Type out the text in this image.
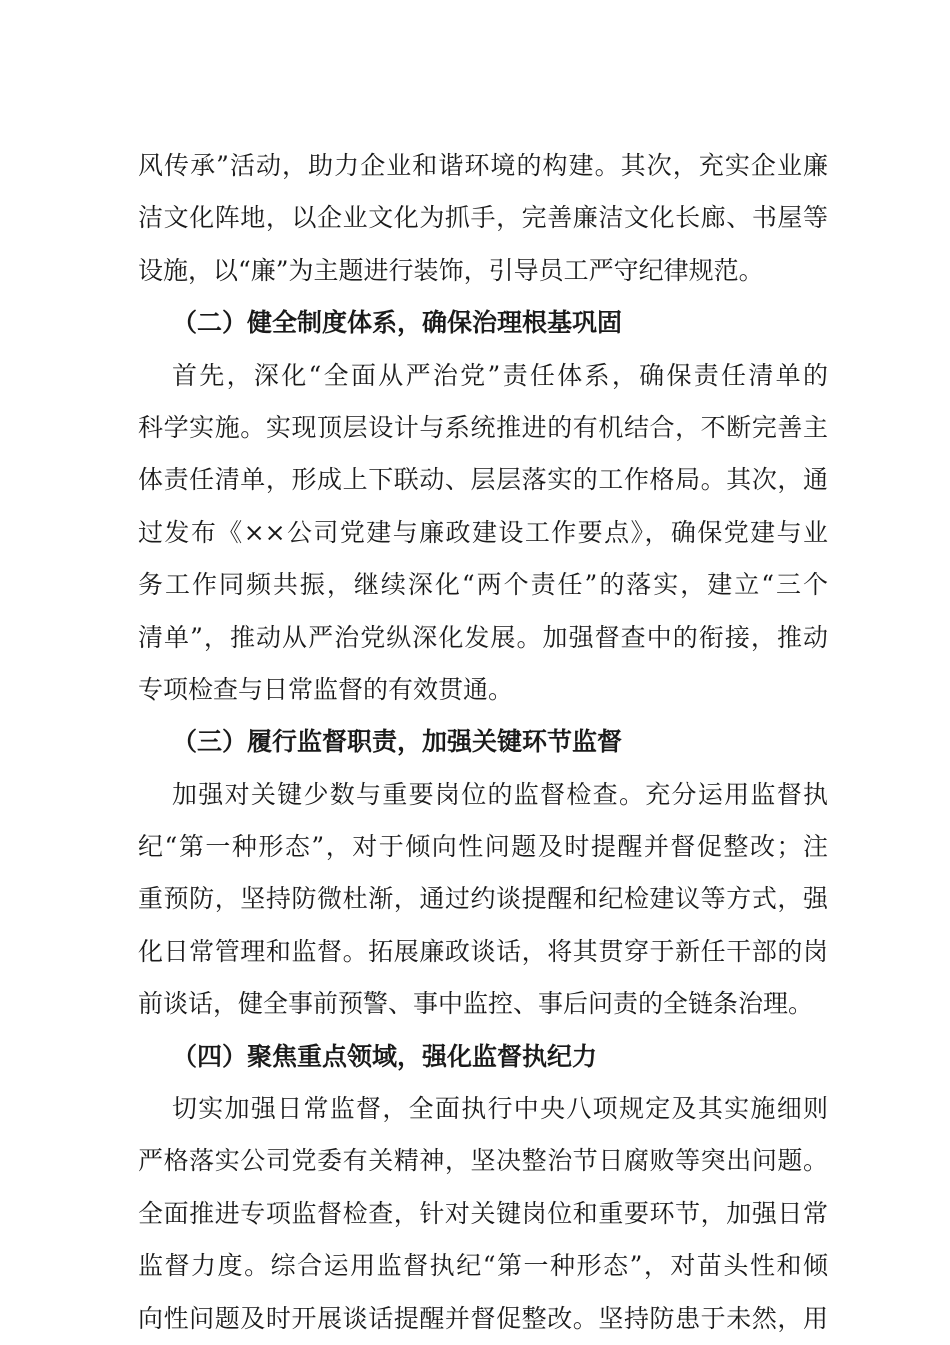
风传承”活动，助力企业和谐环境的构建。其次，充实企业廉
洁文化阵地，以企业文化为抓手，完善廉洁文化长廊、书屋等
设施，以“廉”为主题进行装饰，引导员工严守纪律规范。
（二）健全制度体系，确保治理根基巩固
首先，深化“全面从严治党”责任体系，确保责任清单的
科学实施。实现顶层设计与系统推进的有机结合，不断完善主
体责任清单，形成上下联动、层层落实的工作格局。其次，通
过发布《××公司党建与廉政建设工作要点》，确保党建与业
务工作同频共振，继续深化“两个责任”的落实，建立“三个
清单”，推动从严治党纵深化发展。加强督查中的衔接，推动
专项检查与日常监督的有效贯通。
（三）履行监督职责，加强关键环节监督
加强对关键少数与重要岗位的监督检查。充分运用监督执
纪“第一种形态”，对于倾向性问题及时提醒并督促整改；注
重预防，坚持防微杜渐，通过约谈提醒和纪检建议等方式，强
化日常管理和监督。拓展廉政谈话，将其贯穿于新任干部的岗
前谈话，健全事前预警、事中监控、事后问责的全链条治理。
（四）聚焦重点领域，强化监督执纪力
切实加强日常监督，全面执行中央八项规定及其实施细则
严格落实公司党委有关精神，坚决整治节日腐败等突出问题。
全面推进专项监督检查，针对关键岗位和重要环节，加强日常
监督力度。综合运用监督执纪“第一种形态”，对苗头性和倾
向性问题及时开展谈话提醒并督促整改。坚持防患于未然，用
